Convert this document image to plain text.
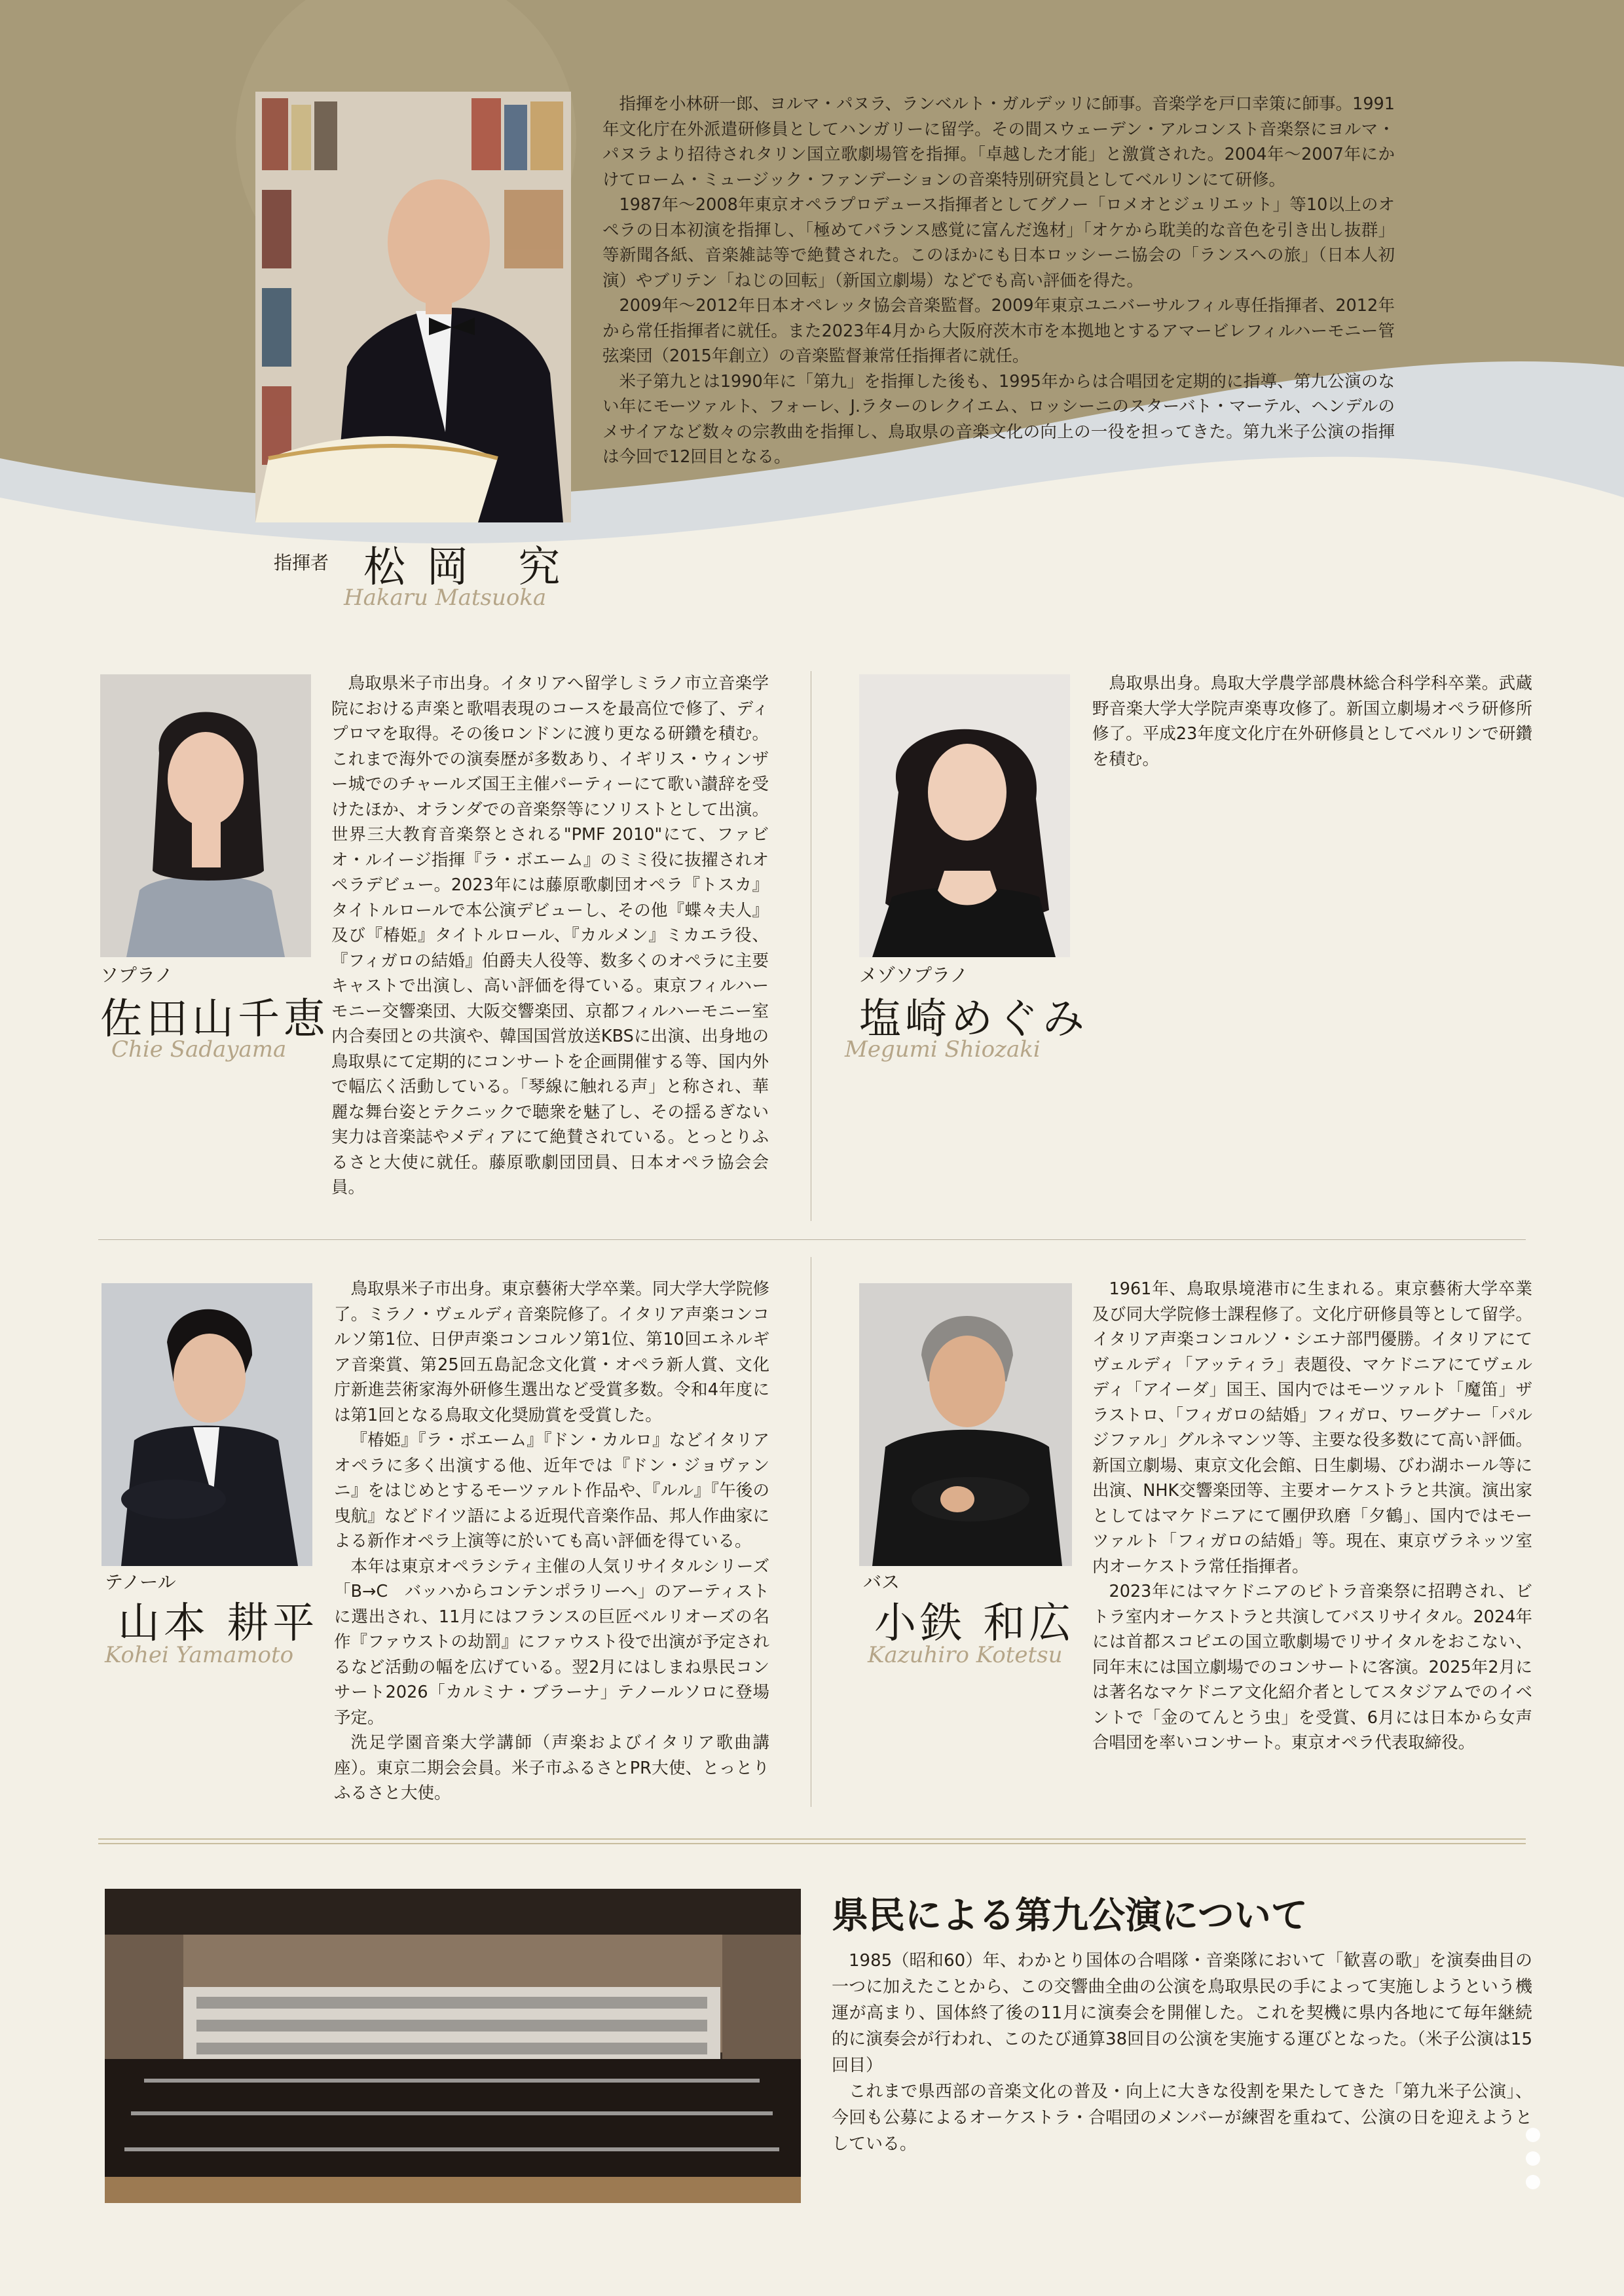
指揮を小林研一郎、ヨルマ・パヌラ、ランベルト・ガルデッリに師事。音楽学を戸口幸策に師事。1991年文化庁在外派遣研修員としてハンガリーに留学。その間スウェーデン・アルコンスト音楽祭にヨルマ・パヌラより招待されタリン国立歌劇場管を指揮。「卓越した才能」と激賞された。2004年～2007年にかけてローム・ミュージック・ファンデーションの音楽特別研究員としてベルリンにて研修。

1987年～2008年東京オペラプロデュース指揮者としてグノー「ロメオとジュリエット」等10以上のオペラの日本初演を指揮し、「極めてバランス感覚に富んだ逸材」「オケから耽美的な音色を引き出し抜群」等新聞各紙、音楽雑誌等で絶賛された。このほかにも日本ロッシーニ協会の「ランスへの旅」（日本人初演）やブリテン「ねじの回転」（新国立劇場）などでも高い評価を得た。

2009年～2012年日本オペレッタ協会音楽監督。2009年東京ユニバーサルフィル専任指揮者、2012年から常任指揮者に就任。また2023年4月から大阪府茨木市を本拠地とするアマービレフィルハーモニー管弦楽団（2015年創立）の音楽監督兼常任指揮者に就任。

米子第九とは1990年に「第九」を指揮した後も、1995年からは合唱団を定期的に指導、第九公演のない年にモーツァルト、フォーレ、J.ラターのレクイエム、ロッシーニのスターバト・マーテル、ヘンデルのメサイアなど数々の宗教曲を指揮し、鳥取県の音楽文化の向上の一役を担ってきた。第九米子公演の指揮は今回で12回目となる。

指揮者 松 岡　究
Hakaru Matsuoka
ソプラノ
佐田山千恵
Chie Sadayama

鳥取県米子市出身。イタリアへ留学しミラノ市立音楽学院における声楽と歌唱表現のコースを最高位で修了、ディプロマを取得。その後ロンドンに渡り更なる研鑽を積む。これまで海外での演奏歴が多数あり、イギリス・ウィンザー城でのチャールズ国王主催パーティーにて歌い讃辞を受けたほか、オランダでの音楽祭等にソリストとして出演。世界三大教育音楽祭とされる"PMF 2010"にて、ファビオ・ルイージ指揮『ラ・ボエーム』のミミ役に抜擢されオペラデビュー。2023年には藤原歌劇団オペラ『トスカ』タイトルロールで本公演デビューし、その他『蝶々夫人』及び『椿姫』タイトルロール、『カルメン』ミカエラ役、『フィガロの結婚』伯爵夫人役等、数多くのオペラに主要キャストで出演し、高い評価を得ている。東京フィルハーモニー交響楽団、大阪交響楽団、京都フィルハーモニー室内合奏団との共演や、韓国国営放送KBSに出演、出身地の鳥取県にて定期的にコンサートを企画開催する等、国内外で幅広く活動している。「琴線に触れる声」と称され、華麗な舞台姿とテクニックで聴衆を魅了し、その揺るぎない実力は音楽誌やメディアにて絶賛されている。とっとりふるさと大使に就任。藤原歌劇団団員、日本オペラ協会会員。

メゾソプラノ
塩崎めぐみ
Megumi Shiozaki

鳥取県出身。鳥取大学農学部農林総合科学科卒業。武蔵野音楽大学大学院声楽専攻修了。新国立劇場オペラ研修所修了。平成23年度文化庁在外研修員としてベルリンで研鑽を積む。

テノール
山本 耕平
Kohei Yamamoto

鳥取県米子市出身。東京藝術大学卒業。同大学大学院修了。ミラノ・ヴェルディ音楽院修了。イタリア声楽コンコルソ第1位、日伊声楽コンコルソ第1位、第10回エネルギア音楽賞、第25回五島記念文化賞・オペラ新人賞、文化庁新進芸術家海外研修生選出など受賞多数。令和4年度には第1回となる鳥取文化奨励賞を受賞した。

『椿姫』『ラ・ボエーム』『ドン・カルロ』などイタリアオペラに多く出演する他、近年では『ドン・ジョヴァンニ』をはじめとするモーツァルト作品や、『ルル』『午後の曳航』などドイツ語による近現代音楽作品、邦人作曲家による新作オペラ上演等に於いても高い評価を得ている。

本年は東京オペラシティ主催の人気リサイタルシリーズ「B→C　バッハからコンテンポラリーへ」のアーティストに選出され、11月にはフランスの巨匠ベルリオーズの名作『ファウストの劫罰』にファウスト役で出演が予定されるなど活動の幅を広げている。翌2月にはしまね県民コンサート2026「カルミナ・ブラーナ」テノールソロに登場予定。

洗足学園音楽大学講師（声楽およびイタリア歌曲講座）。東京二期会会員。米子市ふるさとPR大使、とっとりふるさと大使。

バス
小鉄 和広
Kazuhiro Kotetsu

1961年、鳥取県境港市に生まれる。東京藝術大学卒業及び同大学院修士課程修了。文化庁研修員等として留学。イタリア声楽コンコルソ・シエナ部門優勝。イタリアにてヴェルディ「アッティラ」表題役、マケドニアにてヴェルディ「アイーダ」国王、国内ではモーツァルト「魔笛」ザラストロ、「フィガロの結婚」フィガロ、ワーグナー「パルジファル」グルネマンツ等、主要な役多数にて高い評価。新国立劇場、東京文化会館、日生劇場、びわ湖ホール等に出演、NHK交響楽団等、主要オーケストラと共演。演出家としてはマケドニアにて團伊玖磨「夕鶴」、国内ではモーツァルト「フィガロの結婚」等。現在、東京ヴラネッツ室内オーケストラ常任指揮者。

2023年にはマケドニアのビトラ音楽祭に招聘され、ビトラ室内オーケストラと共演してバスリサイタル。2024年には首都スコピエの国立歌劇場でリサイタルをおこない、同年末には国立劇場でのコンサートに客演。2025年2月には著名なマケドニア文化紹介者としてスタジアムでのイベントで「金のてんとう虫」を受賞、6月には日本から女声合唱団を率いコンサート。東京オペラ代表取締役。

県民による第九公演について

1985（昭和60）年、わかとり国体の合唱隊・音楽隊において「歓喜の歌」を演奏曲目の一つに加えたことから、この交響曲全曲の公演を鳥取県民の手によって実施しようという機運が高まり、国体終了後の11月に演奏会を開催した。これを契機に県内各地にて毎年継続的に演奏会が行われ、このたび通算38回目の公演を実施する運びとなった。（米子公演は15回目）

これまで県西部の音楽文化の普及・向上に大きな役割を果たしてきた「第九米子公演」、今回も公募によるオーケストラ・合唱団のメンバーが練習を重ねて、公演の日を迎えようとしている。
